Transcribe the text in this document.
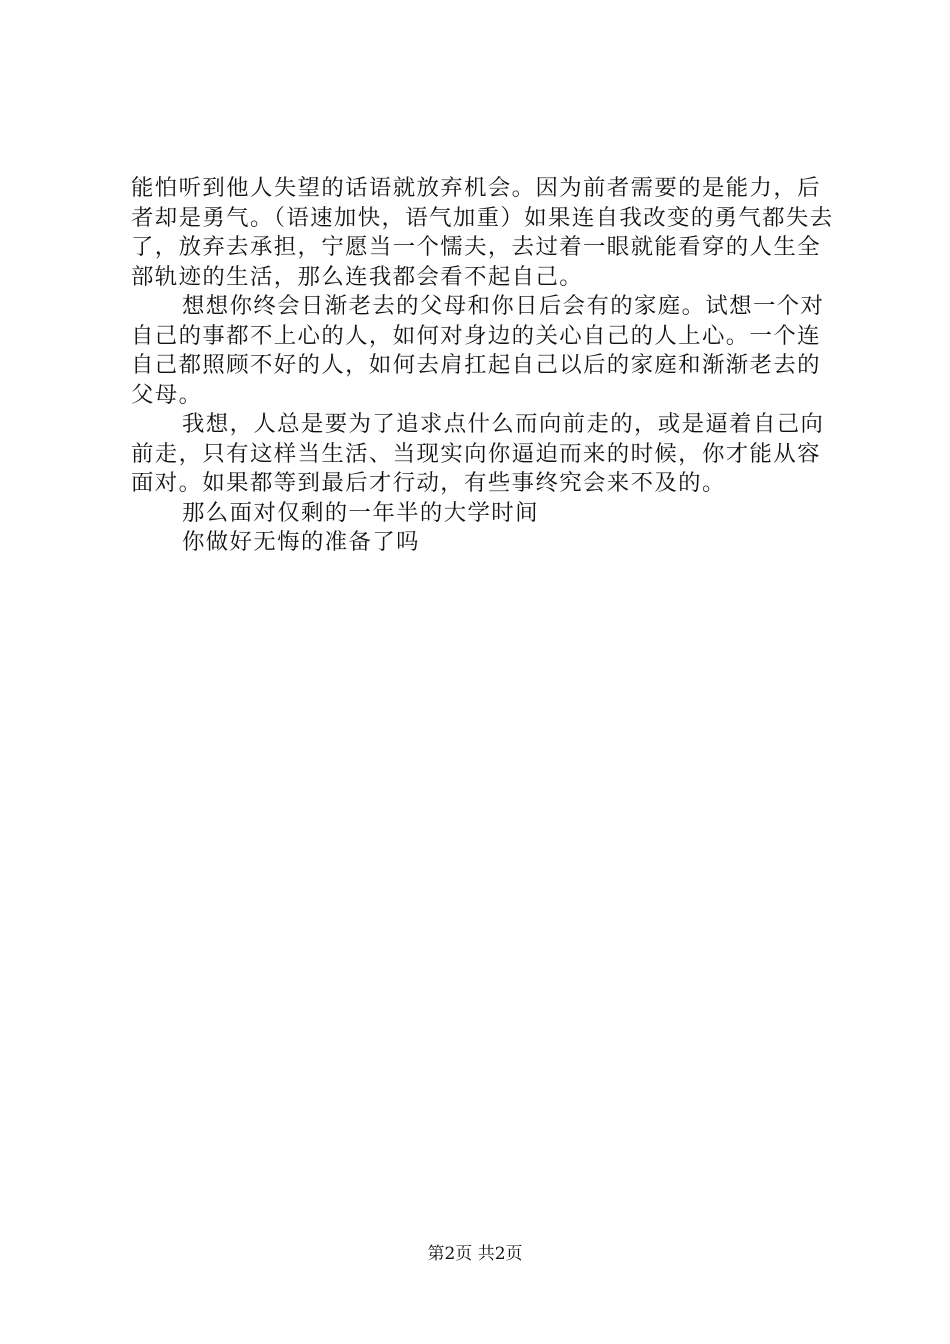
能怕听到他人失望的话语就放弃机会。因为前者需要的是能力，后者却是勇气。（语速加快，语气加重）如果连自我改变的勇气都失去了，放弃去承担，宁愿当一个懦夫，去过着一眼就能看穿的人生全部轨迹的生活，那么连我都会看不起自己。

想想你终会日渐老去的父母和你日后会有的家庭。试想一个对自己的事都不上心的人，如何对身边的关心自己的人上心。一个连自己都照顾不好的人，如何去肩扛起自己以后的家庭和渐渐老去的父母。

我想，人总是要为了追求点什么而向前走的，或是逼着自己向前走，只有这样当生活、当现实向你逼迫而来的时候，你才能从容面对。如果都等到最后才行动，有些事终究会来不及的。

那么面对仅剩的一年半的大学时间

你做好无悔的准备了吗

第2页 共2页
